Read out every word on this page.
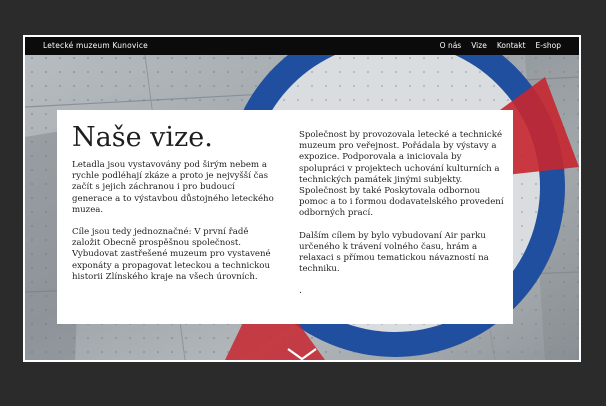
Letecké muzeum Kunovice	O nás Vize Kontakt E-shop
Naše vize.

Letadla jsou vystavovány pod širým nebem a rychle podléhají zkáze a proto je nejvyšší čas začít s jejich záchranou i pro budoucí generace a to výstavbou důstojného leteckého muzea.

Cíle jsou tedy jednoznačné: V první řadě založit Obecně prospěšnou společnost. Vybudovat zastřešené muzeum pro vystavené exponáty a propagovat leteckou a technickou historii Zlínského kraje na všech úrovních.

Společnost by provozovala letecké a technické muzeum pro veřejnost. Pořádala by výstavy a expozice. Podporovala a iniciovala by spolupráci v projektech uchování kulturních a technických památek jinými subjekty. Společnost by také Poskytovala odbornou pomoc a to i formou dodavatelského provedení odborných prací.

Dalším cílem by bylo vybudovaní Air parku určeného k trávení volného času, hrám a relaxaci s přímou tematickou návazností na techniku.

.
